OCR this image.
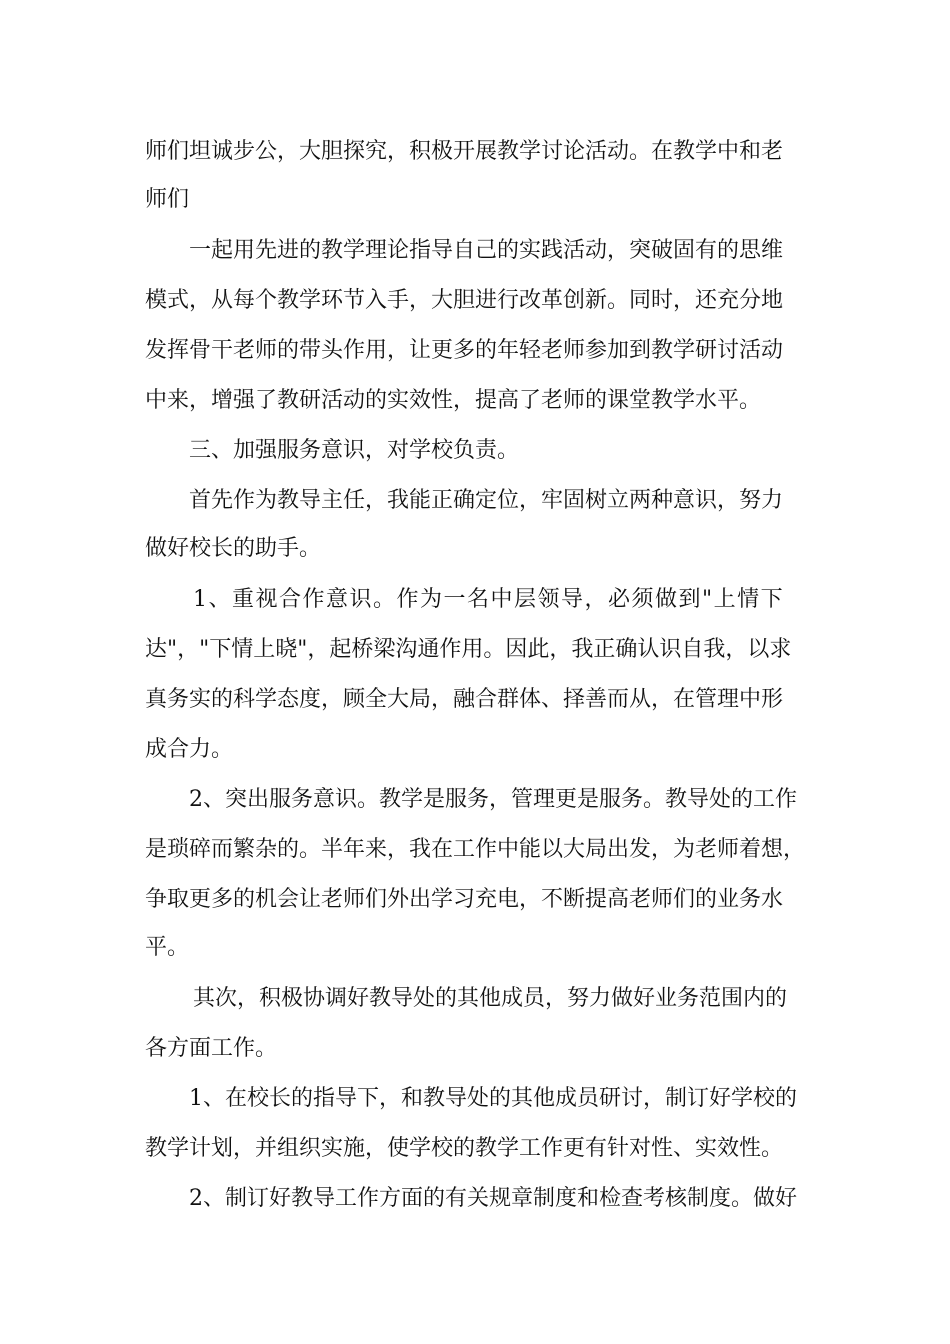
师们坦诚步公，大胆探究，积极开展教学讨论活动。在教学中和老

师们

一起用先进的教学理论指导自己的实践活动，突破固有的思维

模式，从每个教学环节入手，大胆进行改革创新。同时，还充分地

发挥骨干老师的带头作用，让更多的年轻老师参加到教学研讨活动

中来，增强了教研活动的实效性，提高了老师的课堂教学水平。

三、加强服务意识，对学校负责。

首先作为教导主任，我能正确定位，牢固树立两种意识，努力

做好校长的助手。

1、重视合作意识。作为一名中层领导，必须做到"上情下

达"，"下情上晓"，起桥梁沟通作用。因此，我正确认识自我，以求

真务实的科学态度，顾全大局，融合群体、择善而从，在管理中形

成合力。

2、突出服务意识。教学是服务，管理更是服务。教导处的工作

是琐碎而繁杂的。半年来，我在工作中能以大局出发，为老师着想，

争取更多的机会让老师们外出学习充电，不断提高老师们的业务水

平。

其次，积极协调好教导处的其他成员，努力做好业务范围内的

各方面工作。

1、在校长的指导下，和教导处的其他成员研讨，制订好学校的

教学计划，并组织实施，使学校的教学工作更有针对性、实效性。

2、制订好教导工作方面的有关规章制度和检查考核制度。做好
